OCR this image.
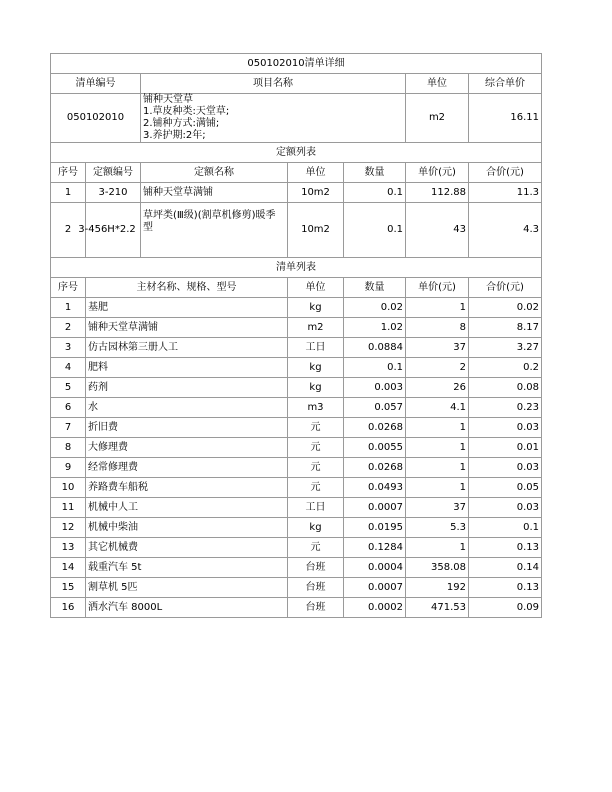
050102010清单详细						
清单编号		项目名称			单位	综合单价
050102010		铺种天堂草
1.草皮种类:天堂草;
2.铺种方式:满铺;
3.养护期:2年;			m2	16.11
定额列表						
序号	定额编号	定额名称	单位	数量	单价(元)	合价(元)
1	3-210	铺种天堂草满铺	10m2	0.1	112.88	11.3
2	3-456H*2.2	草坪类(Ⅲ级)(割草机修剪)暖季型	10m2	0.1	43	4.3
清单列表						
序号	主材名称、规格、型号		单位	数量	单价(元)	合价(元)
1	基肥		kg	0.02	1	0.02
2	铺种天堂草满铺		m2	1.02	8	8.17
3	仿古园林第三册人工		工日	0.0884	37	3.27
4	肥料		kg	0.1	2	0.2
5	药剂		kg	0.003	26	0.08
6	水		m3	0.057	4.1	0.23
7	折旧费		元	0.0268	1	0.03
8	大修理费		元	0.0055	1	0.01
9	经常修理费		元	0.0268	1	0.03
10	养路费车船税		元	0.0493	1	0.05
11	机械中人工		工日	0.0007	37	0.03
12	机械中柴油		kg	0.0195	5.3	0.1
13	其它机械费		元	0.1284	1	0.13
14	载重汽车 5t		台班	0.0004	358.08	0.14
15	割草机 5匹		台班	0.0007	192	0.13
16	洒水汽车 8000L		台班	0.0002	471.53	0.09
